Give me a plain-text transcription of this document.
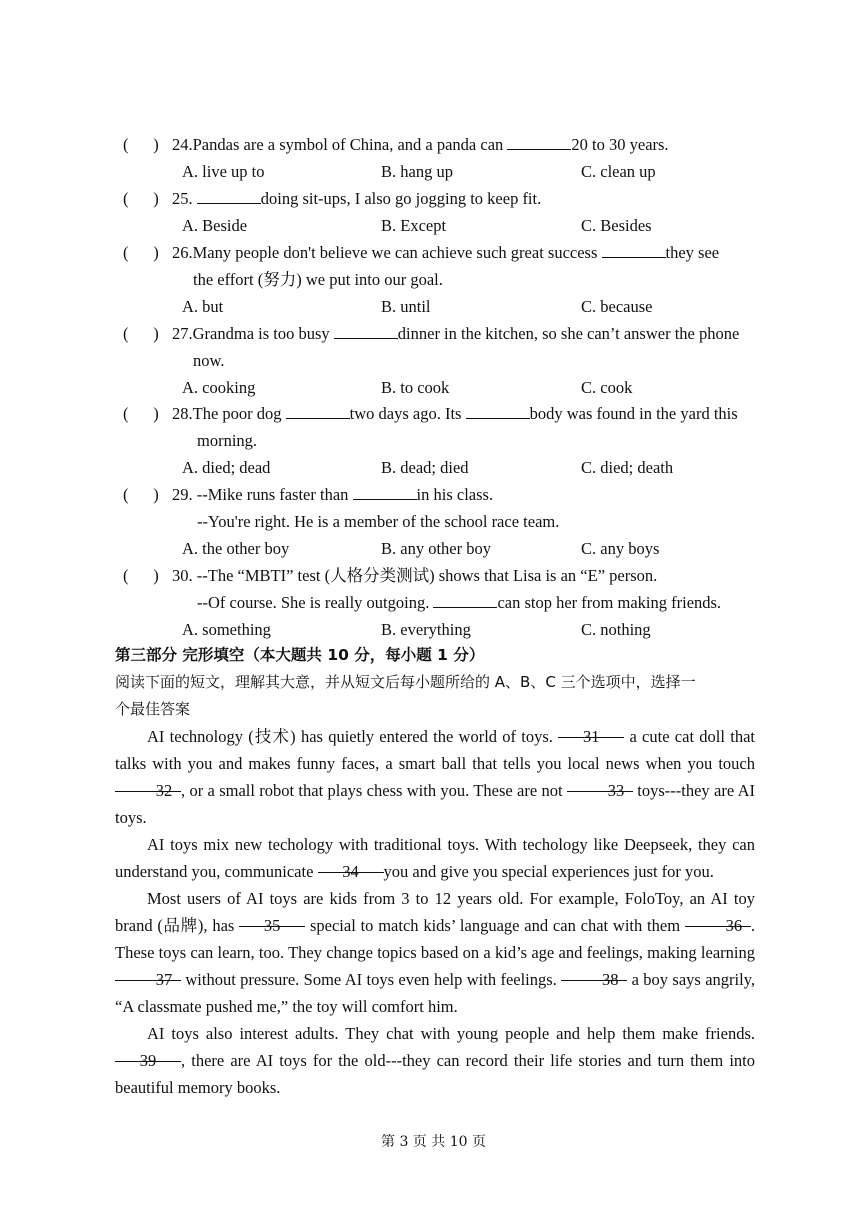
(      ) 24.Pandas are a symbol of China, and a panda can	20 to 30 years.
A. live up to	B. hang up	C. clean up
(      ) 25.	doing sit-ups, I also go jogging to keep fit.
A. Beside	B. Except	C. Besides
(      ) 26.Many people don't believe we can achieve such great success	they see
the effort (努力) we put into our goal.
A. but	B. until	C. because
(      ) 27.Grandma is too busy	dinner in the kitchen, so she can’t answer the phone
now.
A. cooking	B. to cook	C. cook
(      ) 28.The poor dog	two days ago. Its	body was found in the yard this
morning.
A. died; dead	B. dead; died	C. died; death
(      ) 29. --Mike runs faster than	in his class.
--You're right. He is a member of the school race team.
A. the other boy	B. any other boy	C. any boys
(      ) 30. --The “MBTI” test (人格分类测试) shows that Lisa is an “E” person.
--Of course. She is really outgoing.	can stop her from making friends.
A. something	B. everything	C. nothing
第三部分 完形填空（本大题共 10 分，每小题 1 分）
阅读下面的短文，理解其大意，并从短文后每小题所给的 A、B、C 三个选项中，选择一
个最佳答案
AI technology (技术) has quietly entered the world of toys. 31 a cute cat doll that talks with you and makes funny faces, a smart ball that tells you local news when you touch 32 , or a small robot that plays chess with you. These are not 33 toys---they are AI toys.
AI toys mix new techology with traditional toys. With techology like Deepseek, they can understand you, communicate 34 you and give you special experiences just for you.
Most users of AI toys are kids from 3 to 12 years old. For example, FoloToy, an AI toy brand (品牌), has 35 special to match kids’ language and can chat with them 36 . These toys can learn, too. They change topics based on a kid’s age and feelings, making learning 37 without pressure. Some AI toys even help with feelings. 38 a boy says angrily, “A classmate pushed me,” the toy will comfort him.
AI toys also interest adults. They chat with young people and help them make friends. 39 , there are AI toys for the old---they can record their life stories and turn them into beautiful memory books.
第 3 页 共 10 页
